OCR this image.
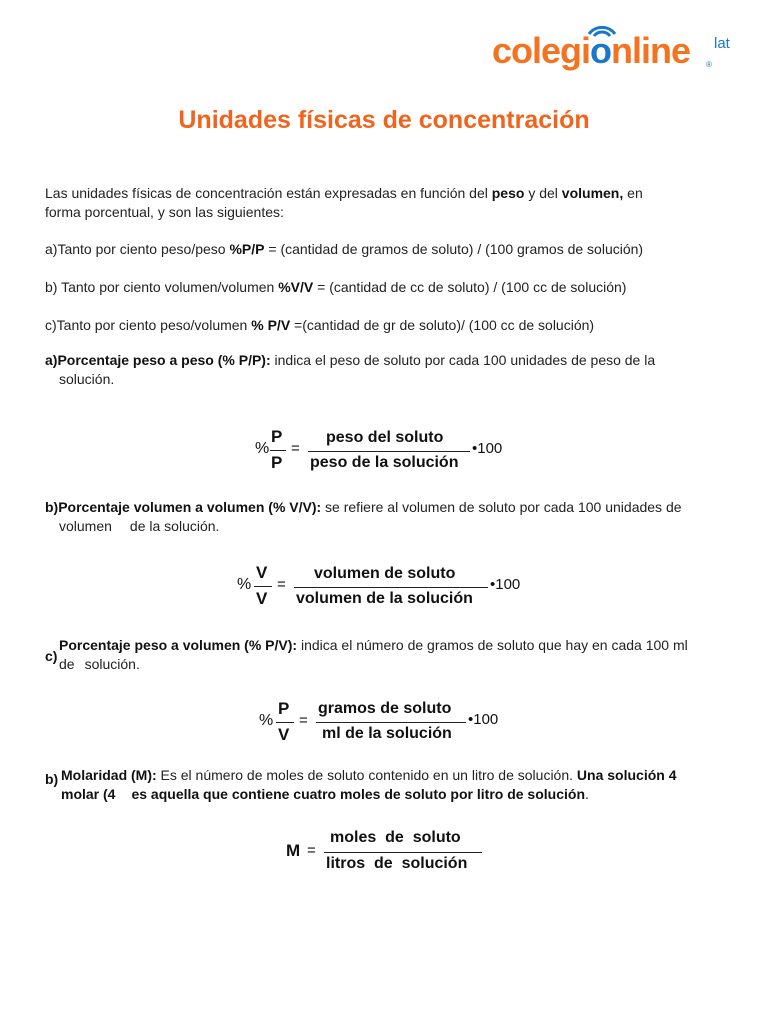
colegionline lat
®
Unidades físicas de concentración
Las unidades físicas de concentración están expresadas en función del peso y del volumen, en
forma porcentual, y son las siguientes:
a)Tanto por ciento peso/peso %P/P = (cantidad de gramos de soluto) / (100 gramos de solución)
b) Tanto por ciento volumen/volumen %V/V = (cantidad de cc de soluto) / (100 cc de solución)
c)Tanto por ciento peso/volumen % P/V =(cantidad de gr de soluto)/ (100 cc de solución)
a)Porcentaje peso a peso (% P/P): indica el peso de soluto por cada 100 unidades de peso de la
solución.
%
P
P
=
peso del soluto
peso de la solución
•100
b)Porcentaje volumen a volumen (% V/V): se refiere al volumen de soluto por cada 100 unidades de
volumen de la solución.
%
V
V
=
volumen de soluto
volumen de la solución
•100
Porcentaje peso a volumen (% P/V): indica el número de gramos de soluto que hay en cada 100 ml
de solución.
c)
%
P
V
=
gramos de soluto
ml de la solución
•100
Molaridad (M): Es el número de moles de soluto contenido en un litro de solución. Una solución 4
molar (4 es aquella que contiene cuatro moles de soluto por litro de solución.
b)
M =
moles  de  soluto
litros  de  solución
